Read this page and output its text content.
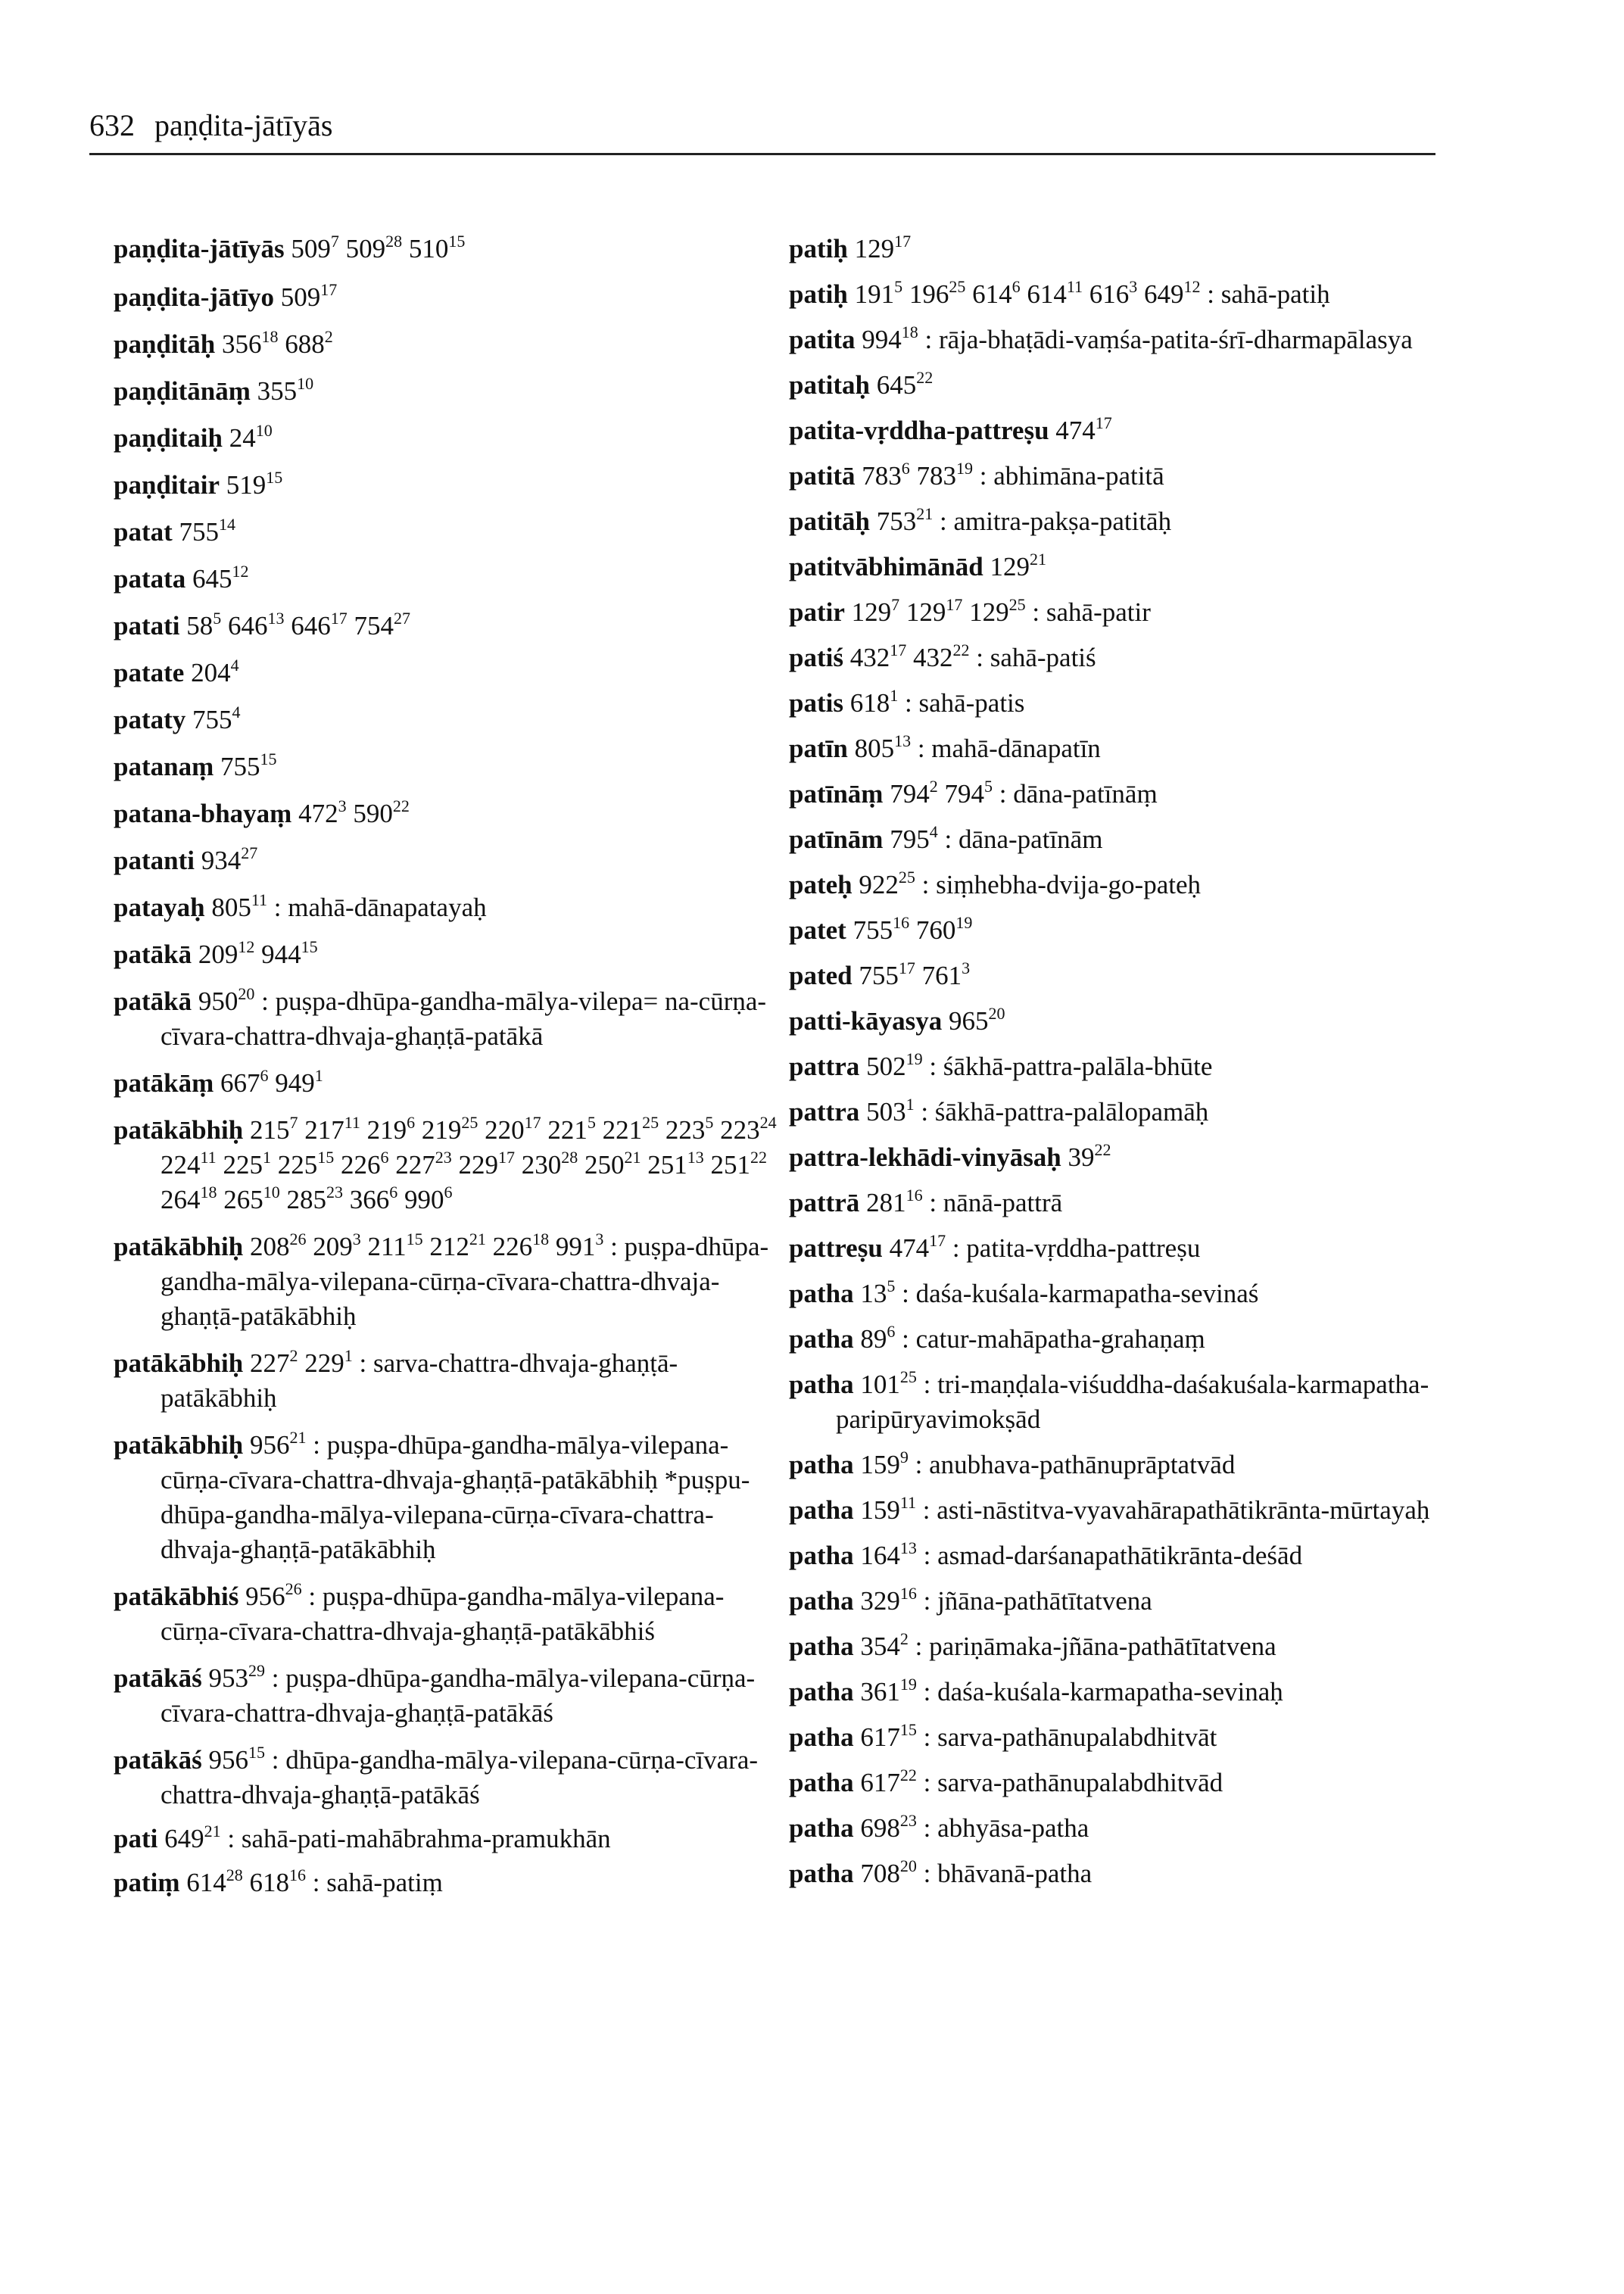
632 paṇḍita-jātīyās

paṇḍita-jātīyās $509^7$ $509^{28}$ $510^{15}$

paṇḍita-jātīyo $509^{17}$

paṇḍitāḥ $356^{18}$ $688^2$

paṇḍitānāṃ $355^{10}$

paṇḍitaiḥ $24^{10}$

paṇḍitair $519^{15}$

patat $755^{14}$

patata $645^{12}$

patati $58^5$ $646^{13}$ $646^{17}$ $754^{27}$

patate $204^4$

pataty $755^4$

patanaṃ $755^{15}$

patana-bhayaṃ $472^3$ $590^{22}$

patanti $934^{27}$

patayaḥ $805^{11}$ : mahā-dānapatayaḥ

patākā $209^{12}$ $944^{15}$

patākā $950^{20}$ : puṣpa-dhūpa-gandha-mālya-vilepa= na-cūrṇa-cīvara-chattra-dhvaja-ghaṇṭā-patākā

patākāṃ $667^6$ $949^1$

patākābhiḥ $215^7$ $217^{11}$ $219^6$ $219^{25}$ $220^{17}$ $221^5$ $221^{25}$ $223^5$ $223^{24}$ $224^{11}$ $225^1$ $225^{15}$ $226^6$ $227^{23}$ $229^{17}$ $230^{28}$ $250^{21}$ $251^{13}$ $251^{22}$ $264^{18}$ $265^{10}$ $285^{23}$ $366^6$ $990^6$

patākābhiḥ $208^{26}$ $209^3$ $211^{15}$ $212^{21}$ $226^{18}$ $991^3$ : puṣpa-dhūpa-gandha-mālya-vilepana-cūrṇa-cīvara-chattra-dhvaja-ghaṇṭā-patākābhiḥ

patākābhiḥ $227^2$ $229^1$ : sarva-chattra-dhvaja-ghaṇṭā-patākābhiḥ

patākābhiḥ $956^{21}$ : puṣpa-dhūpa-gandha-mālya-vilepana-cūrṇa-cīvara-chattra-dhvaja-ghaṇṭā-patākābhiḥ *puṣpu-dhūpa-gandha-mālya-vilepana-cūrṇa-cīvara-chattra-dhvaja-ghaṇṭā-patākābhiḥ

patākābhiś $956^{26}$ : puṣpa-dhūpa-gandha-mālya-vilepana-cūrṇa-cīvara-chattra-dhvaja-ghaṇṭā-patākābhiś

patākāś $953^{29}$ : puṣpa-dhūpa-gandha-mālya-vilepana-cūrṇa-cīvara-chattra-dhvaja-ghaṇṭā-patākāś

patākāś $956^{15}$ : dhūpa-gandha-mālya-vilepana-cūrṇa-cīvara-chattra-dhvaja-ghaṇṭā-patākāś

pati $649^{21}$ : sahā-pati-mahābrahma-pramukhān

patiṃ $614^{28}$ $618^{16}$ : sahā-patiṃ

patiḥ $129^{17}$

patiḥ $191^5$ $196^{25}$ $614^6$ $614^{11}$ $616^3$ $649^{12}$ : sahā-patiḥ

patita $994^{18}$ : rāja-bhaṭādi-vaṃśa-patita-śrī-dharmapālasya

patitaḥ $645^{22}$

patita-vṛddha-pattreṣu $474^{17}$

patitā $783^6$ $783^{19}$ : abhimāna-patitā

patitāḥ $753^{21}$ : amitra-pakṣa-patitāḥ

patitvābhimānād $129^{21}$

patir $129^7$ $129^{17}$ $129^{25}$ : sahā-patir

patiś $432^{17}$ $432^{22}$ : sahā-patiś

patis $618^1$ : sahā-patis

patīn $805^{13}$ : mahā-dānapatīn

patīnāṃ $794^2$ $794^5$ : dāna-patīnāṃ

patīnām $795^4$ : dāna-patīnām

pateḥ $922^{25}$ : siṃhebha-dvija-go-pateḥ

patet $755^{16}$ $760^{19}$

pated $755^{17}$ $761^3$

patti-kāyasya $965^{20}$

pattra $502^{19}$ : śākhā-pattra-palāla-bhūte

pattra $503^1$ : śākhā-pattra-palālopamāḥ

pattra-lekhādi-vinyāsaḥ $39^{22}$

pattrā $281^{16}$ : nānā-pattrā

pattreṣu $474^{17}$ : patita-vṛddha-pattreṣu

patha $13^5$ : daśa-kuśala-karmapatha-sevinaś

patha $89^6$ : catur-mahāpatha-grahaṇaṃ

patha $101^{25}$ : tri-maṇḍala-viśuddha-daśakuśala-karmapatha-paripūryavimokṣād

patha $159^9$ : anubhava-pathānuprāptatvād

patha $159^{11}$ : asti-nāstitva-vyavahārapathātikrānta-mūrtayaḥ

patha $164^{13}$ : asmad-darśanapathātikrānta-deśād

patha $329^{16}$ : jñāna-pathātītatvena

patha $354^2$ : pariṇāmaka-jñāna-pathātītatvena

patha $361^{19}$ : daśa-kuśala-karmapatha-sevinaḥ

patha $617^{15}$ : sarva-pathānupalabdhitvāt

patha $617^{22}$ : sarva-pathānupalabdhitvād

patha $698^{23}$ : abhyāsa-patha

patha $708^{20}$ : bhāvanā-patha
